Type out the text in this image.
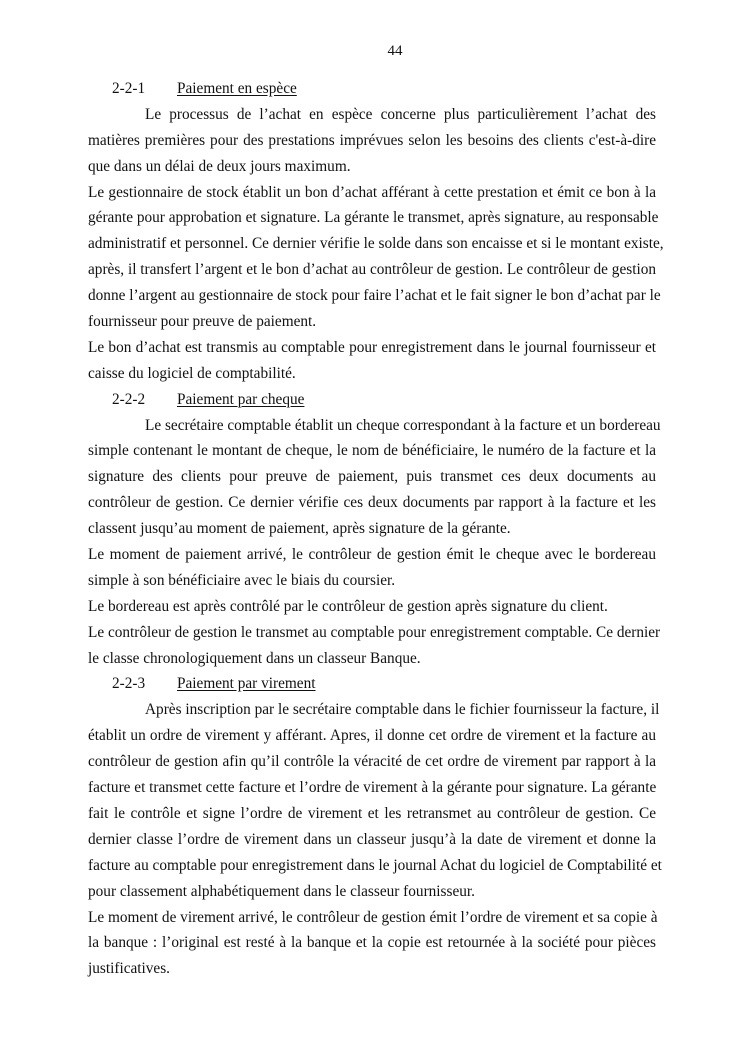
44
2-2-1 Paiement en espèce
Le processus de l’achat en espèce concerne plus particulièrement l’achat des
matières premières pour des prestations imprévues selon les besoins des clients c'est-à-dire
que dans un délai de deux jours maximum.
Le gestionnaire de stock établit un bon d’achat afférant à cette prestation et émit ce bon à la
gérante pour approbation et signature. La gérante le transmet, après signature, au responsable
administratif et personnel. Ce dernier vérifie le solde dans son encaisse et si le montant existe,
après, il transfert l’argent et le bon d’achat au contrôleur de gestion. Le contrôleur de gestion
donne l’argent au gestionnaire de stock pour faire l’achat et le fait signer le bon d’achat par le
fournisseur pour preuve de paiement.
Le bon d’achat est transmis au comptable pour enregistrement dans le journal fournisseur et
caisse du logiciel de comptabilité.
2-2-2 Paiement par cheque
Le secrétaire comptable établit un cheque correspondant à la facture et un bordereau
simple contenant le montant de cheque, le nom de bénéficiaire, le numéro de la facture et la
signature des clients pour preuve de paiement, puis transmet ces deux documents au
contrôleur de gestion. Ce dernier vérifie ces deux documents par rapport à la facture et les
classent jusqu’au moment de paiement, après signature de la gérante.
Le moment de paiement arrivé, le contrôleur de gestion émit le cheque avec le bordereau
simple à son bénéficiaire avec le biais du coursier.
Le bordereau est après contrôlé par le contrôleur de gestion après signature du client.
Le contrôleur de gestion le transmet au comptable pour enregistrement comptable. Ce dernier
le classe chronologiquement dans un classeur Banque.
2-2-3 Paiement par virement
Après inscription par le secrétaire comptable dans le fichier fournisseur la facture, il
établit un ordre de virement y afférant. Apres, il donne cet ordre de virement et la facture au
contrôleur de gestion afin qu’il contrôle la véracité de cet ordre de virement par rapport à la
facture et transmet cette facture et l’ordre de virement à la gérante pour signature. La gérante
fait le contrôle et signe l’ordre de virement et les retransmet au contrôleur de gestion. Ce
dernier classe l’ordre de virement dans un classeur jusqu’à la date de virement et donne la
facture au comptable pour enregistrement dans le journal Achat du logiciel de Comptabilité et
pour classement alphabétiquement dans le classeur fournisseur.
Le moment de virement arrivé, le contrôleur de gestion émit l’ordre de virement et sa copie à
la banque : l’original est resté à la banque et la copie est retournée à la société pour pièces
justificatives.
